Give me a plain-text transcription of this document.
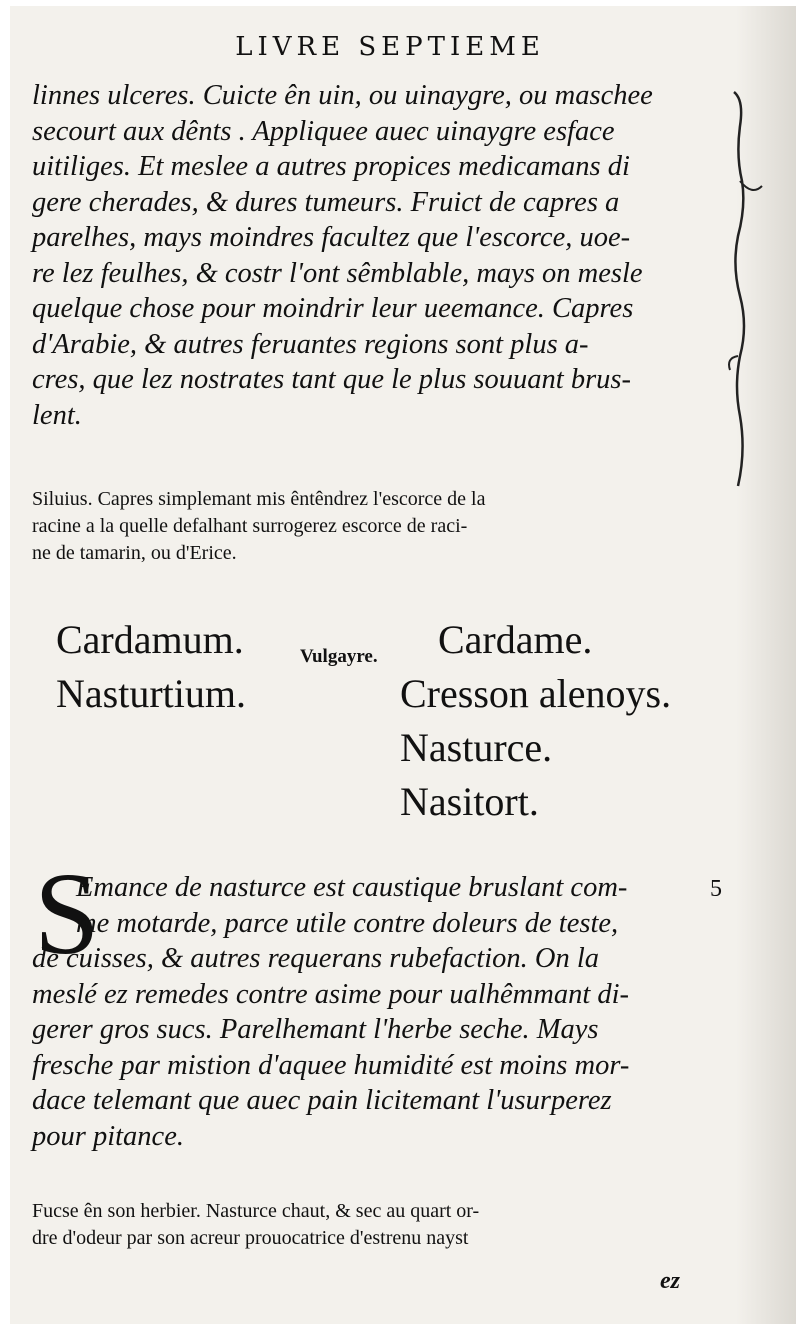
LIVRE SEPTIEME
linnes ulceres. Cuicte ên uin, ou uinaygre, ou maschee
secourt aux dênts . Appliquee auec uinaygre esface
uitiliges. Et meslee a autres propices medicamans di
gere cherades, & dures tumeurs. Fruict de capres a
parelhes, mays moindres facultez que l'escorce, uoe-
re lez feulhes, & costr l'ont sêmblable, mays on mesle
quelque chose pour moindrir leur ueemance. Capres
d'Arabie, & autres feruantes regions sont plus a-
cres, que lez nostrates tant que le plus souuant brus-
lent.
Siluius. Capres simplemant mis êntêndrez l'escorce de la
racine a la quelle defalhant surrogerez escorce de raci-
ne de tamarin, ou d'Erice.
Cardamum.
Nasturtium.
Vulgayre. Cardame.
Cresson alenoys.
Nasturce.
Nasitort.
S
Emance de nasturce est caustique bruslant com-
me motarde, parce utile contre doleurs de teste,
de cuisses, & autres requerans rubefaction. On la
meslé ez remedes contre asime pour ualhêmmant di-
gerer gros sucs. Parelhemant l'herbe seche. Mays
fresche par mistion d'aquee humidité est moins mor-
dace telemant que auec pain licitemant l'usurperez
pour pitance.
5
Fucse ên son herbier. Nasturce chaut, & sec au quart or-
dre d'odeur par son acreur prouocatrice d'estrenu nayst
ez
